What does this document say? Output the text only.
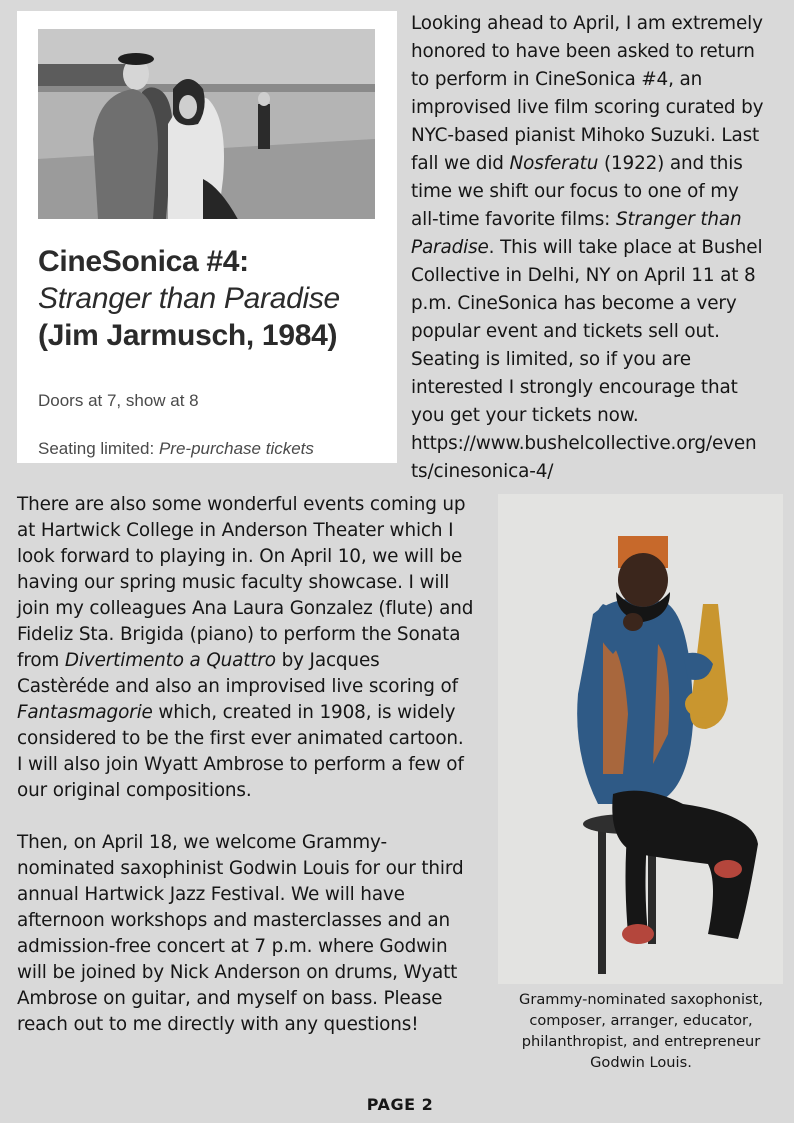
CineSonica #4:
Stranger than Paradise
(Jim Jarmusch, 1984)
Doors at 7, show at 8
Seating limited: Pre-purchase tickets
Looking ahead to April, I am extremely
honored to have been asked to return
to perform in CineSonica #4, an
improvised live film scoring curated by
NYC-based pianist Mihoko Suzuki. Last
fall we did Nosferatu (1922) and this
time we shift our focus to one of my
all-time favorite films: Stranger than
Paradise. This will take place at Bushel
Collective in Delhi, NY on April 11 at 8
p.m. CineSonica has become a very
popular event and tickets sell out.
Seating is limited, so if you are
interested I strongly encourage that
you get your tickets now.
https://www.bushelcollective.org/even
ts/cinesonica-4/
There are also some wonderful events coming up
at Hartwick College in Anderson Theater which I
look forward to playing in. On April 10, we will be
having our spring music faculty showcase. I will
join my colleagues Ana Laura Gonzalez (flute) and
Fideliz Sta. Brigida (piano) to perform the Sonata
from Divertimento a Quattro by Jacques
Castèréde and also an improvised live scoring of
Fantasmagorie which, created in 1908, is widely
considered to be the first ever animated cartoon.
I will also join Wyatt Ambrose to perform a few of
our original compositions.
Then, on April 18, we welcome Grammy-
nominated saxophinist Godwin Louis for our third
annual Hartwick Jazz Festival. We will have
afternoon workshops and masterclasses and an
admission-free concert at 7 p.m. where Godwin
will be joined by Nick Anderson on drums, Wyatt
Ambrose on guitar, and myself on bass. Please
reach out to me directly with any questions!
Grammy-nominated saxophonist,
composer, arranger, educator,
philanthropist, and entrepreneur
Godwin Louis.
PAGE 2
